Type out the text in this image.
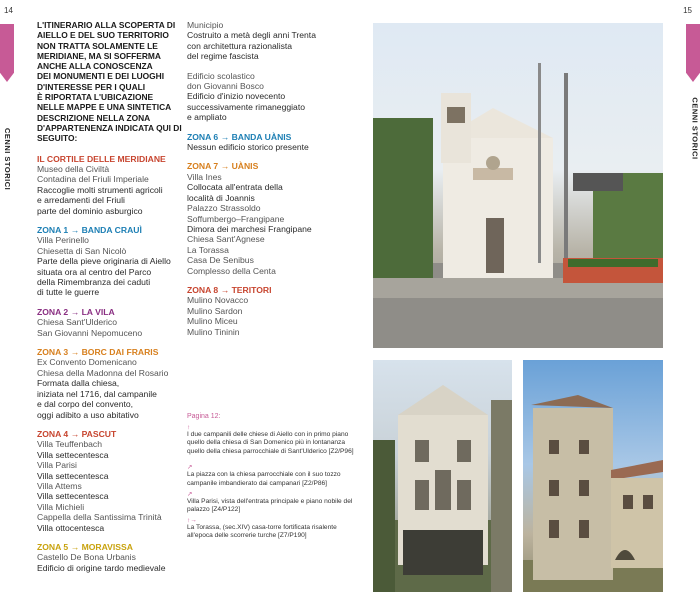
14	15
CENNI STORICI	CENNI STORICI

L'ITINERARIO ALLA SCOPERTA DI
AIELLO E DEL SUO TERRITORIO
NON TRATTA SOLAMENTE LE
MERIDIANE, MA SI SOFFERMA
ANCHE ALLA CONOSCENZA
DEI MONUMENTI E DEI LUOGHI
D'INTERESSE PER I QUALI
È RIPORTATA L'UBICAZIONE
NELLE MAPPE E UNA SINTETICA
DESCRIZIONE NELLA ZONA
D'APPARTENENZA INDICATA QUI DI
SEGUITO:

IL CORTILE DELLE MERIDIANE
Museo della Civiltà
Contadina del Friuli Imperiale
Raccoglie molti strumenti agricoli
e arredamenti del Friuli
parte del dominio asburgico
ZONA 1 → BANDA CRAUÌ
Villa Perinello
Chiesetta di San Nicolò
Parte della pieve originaria di Aiello
situata ora al centro del Parco
della Rimembranza dei caduti
di tutte le guerre
ZONA 2 → LA VILA
Chiesa Sant'Ulderico
San Giovanni Nepomuceno
ZONA 3 → BORC DAI FRARIS
Ex Convento Domenicano
Chiesa della Madonna del Rosario
Formata dalla chiesa,
iniziata nel 1716, dal campanile
e dal corpo del convento,
oggi adibito a uso abitativo
ZONA 4 → PASCUT
Villa Teuffenbach
Villa settecentesca
Villa Parisi
Villa settecentesca
Villa Attems
Villa settecentesca
Villa Michieli
Cappella della Santissima Trinità
Villa ottocentesca
ZONA 5 → MORAVISSA
Castello De Bona Urbanis
Edificio di origine tardo medievale
Municipio
Costruito a metà degli anni Trenta
con architettura razionalista
del regime fascista
Edificio scolastico
don Giovanni Bosco
Edificio d'inizio novecento
successivamente rimaneggiato
e ampliato
ZONA 6 → BANDA UÀNIS
Nessun edificio storico presente
ZONA 7 → UÀNIS
Villa Ines
Collocata all'entrata della
località di Joannis
Palazzo Strassoldo
Soffumbergo–Frangipane
Dimora dei marchesi Frangipane
Chiesa Sant'Agnese
La Torassa
Casa De Senibus
Complesso della Centa
ZONA 8 → TERITORI
Mulino Novacco
Mulino Sardon
Mulino Miceu
Mulino Tininin
Pagina 12:
↑
I due campanili delle chiese di Aiello con in primo piano quello della chiesa di San Domenico più in lontananza quello della chiesa parrocchiale di Sant'Ulderico [Z2/P96]
↗
La piazza con la chiesa parrocchiale con il suo tozzo campanile imbandierato dai campanari [Z2/P86]
↗
Villa Parisi, vista dell'entrata principale e piano nobile del palazzo [Z4/P122]
↑→
La Torassa, (sec.XIV) casa-torre fortificata risalente all'epoca delle scorrerie turche [Z7/P190]
